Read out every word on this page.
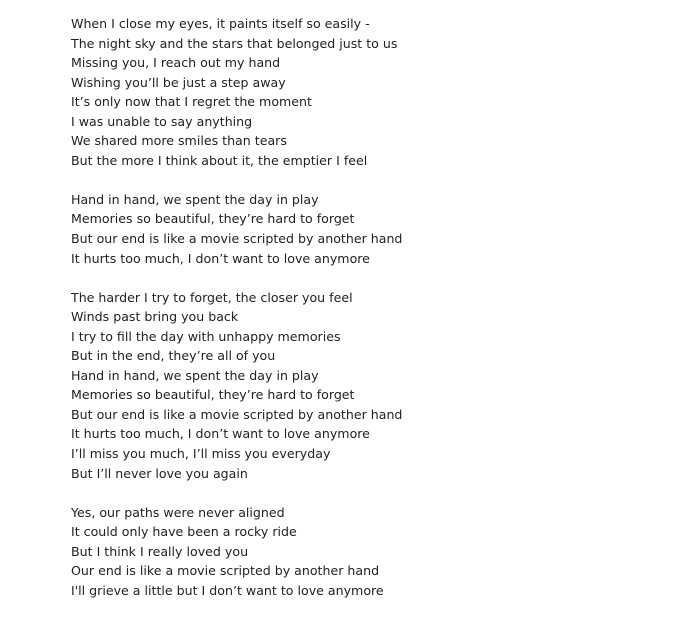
When I close my eyes, it paints itself so easily -
The night sky and the stars that belonged just to us
Missing you, I reach out my hand
Wishing you’ll be just a step away
It’s only now that I regret the moment
I was unable to say anything
We shared more smiles than tears
But the more I think about it, the emptier I feel
Hand in hand, we spent the day in play
Memories so beautiful, they’re hard to forget
But our end is like a movie scripted by another hand
It hurts too much, I don’t want to love anymore
The harder I try to forget, the closer you feel
Winds past bring you back
I try to fill the day with unhappy memories
But in the end, they’re all of you
Hand in hand, we spent the day in play
Memories so beautiful, they’re hard to forget
But our end is like a movie scripted by another hand
It hurts too much, I don’t want to love anymore
I’ll miss you much, I’ll miss you everyday
But I’ll never love you again
Yes, our paths were never aligned
It could only have been a rocky ride
But I think I really loved you
Our end is like a movie scripted by another hand
I'll grieve a little but I don’t want to love anymore
